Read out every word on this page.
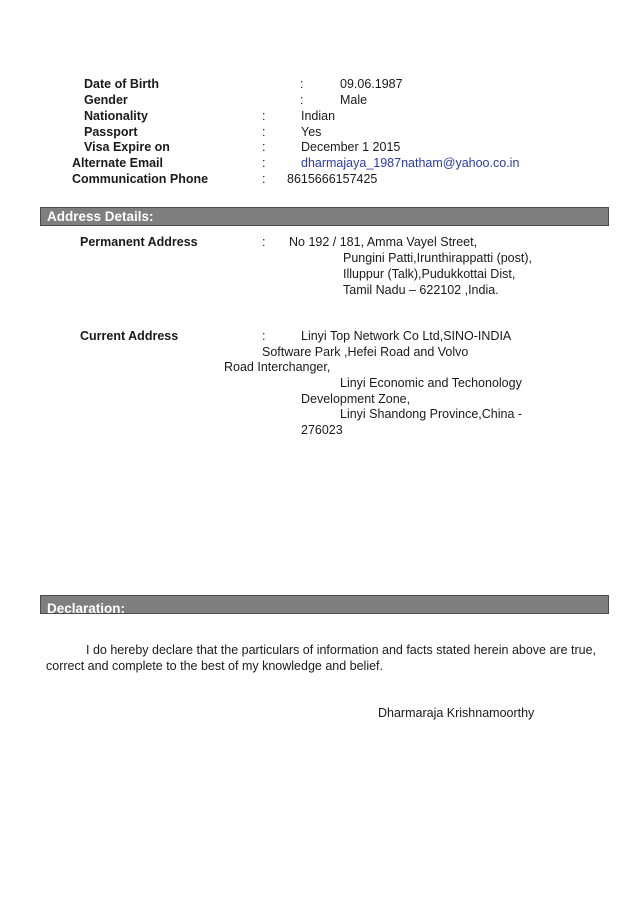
Date of Birth	:	09.06.1987
Gender	:	Male
Nationality	:	Indian
Passport	:	Yes
Visa Expire on	:	December 1 2015
Alternate Email	:	dharmajaya_1987natham@yahoo.co.in
Communication Phone	: 8615666157425
Address Details:
Permanent Address	: No 192 / 181, Amma Vayel Street,
Pungini Patti,Irunthirappatti (post),
Illuppur (Talk),Pudukkottai Dist,
Tamil Nadu – 622102 ,India.
Current Address	:	Linyi Top Network Co Ltd,SINO-INDIA
Software Park ,Hefei Road and Volvo
Road Interchanger,
Linyi Economic and Techonology
Development Zone,
Linyi Shandong Province,China -
276023
Declaration:
I do hereby declare that the particulars of information and facts stated herein above are true,
correct and complete to the best of my knowledge and belief.
Dharmaraja Krishnamoorthy
